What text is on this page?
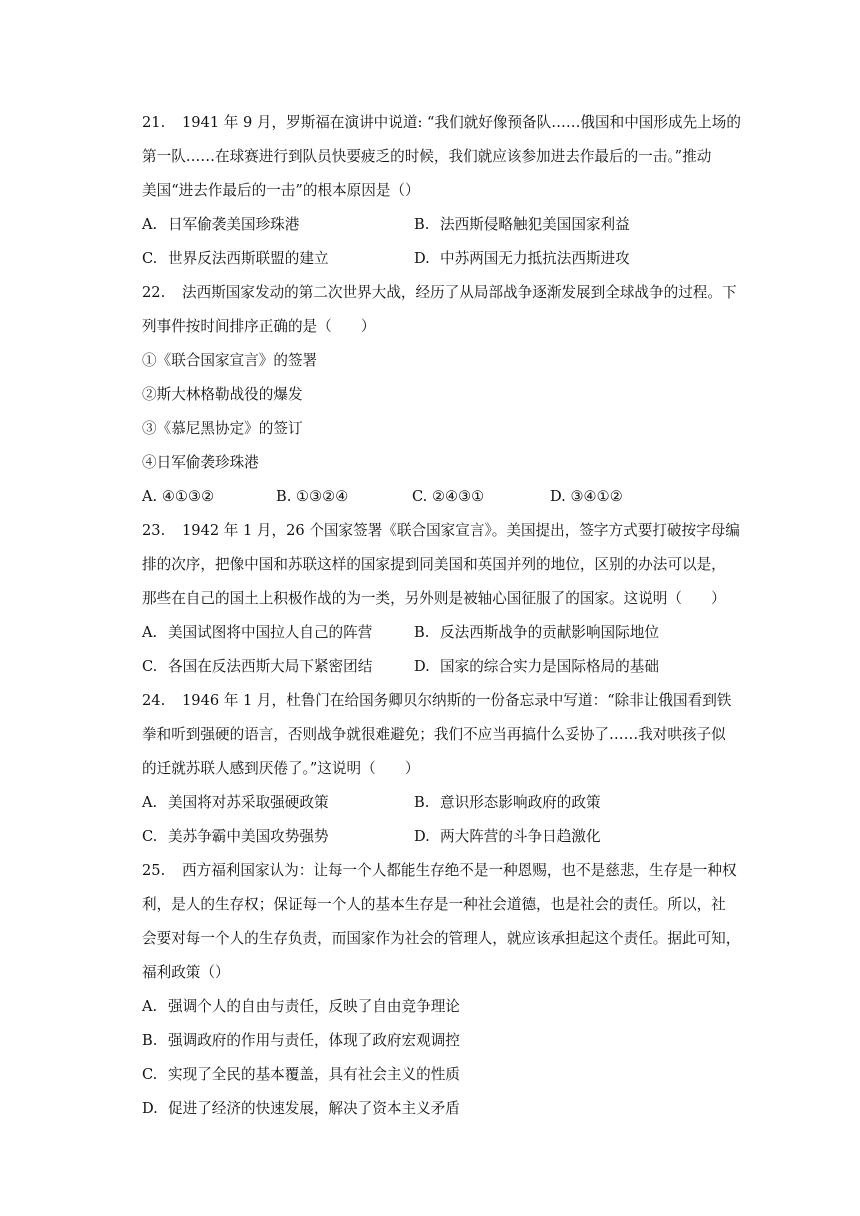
21. 1941 年 9 月，罗斯福在演讲中说道: “我们就好像预备队……俄国和中国形成先上场的
第一队……在球赛进行到队员快要疲乏的时候，我们就应该参加进去作最后的一击。”推动
美国“进去作最后的一击”的根本原因是（）
A. 日军偷袭美国珍珠港	B. 法西斯侵略触犯美国国家利益
C. 世界反法西斯联盟的建立	D. 中苏两国无力抵抗法西斯进攻
22. 法西斯国家发动的第二次世界大战，经历了从局部战争逐渐发展到全球战争的过程。下
列事件按时间排序正确的是（　　）
①《联合国家宣言》的签署
②斯大林格勒战役的爆发
③《慕尼黑协定》的签订
④日军偷袭珍珠港
A. ④①③②	B. ①③②④	C. ②④③①	D. ③④①②
23. 1942 年 1 月，26 个国家签署《联合国家宣言》。美国提出，签字方式要打破按字母编
排的次序，把像中国和苏联这样的国家提到同美国和英国并列的地位，区别的办法可以是，
那些在自己的国土上积极作战的为一类，另外则是被轴心国征服了的国家。这说明（　　）
A. 美国试图将中国拉人自己的阵营	B. 反法西斯战争的贡献影响国际地位
C. 各国在反法西斯大局下紧密团结	D. 国家的综合实力是国际格局的基础
24. 1946 年 1 月，杜鲁门在给国务卿贝尔纳斯的一份备忘录中写道：“除非让俄国看到铁
拳和听到强硬的语言，否则战争就很难避免；我们不应当再搞什么妥协了……我对哄孩子似
的迁就苏联人感到厌倦了。”这说明（　　）
A. 美国将对苏采取强硬政策	B. 意识形态影响政府的政策
C. 美苏争霸中美国攻势强势	D. 两大阵营的斗争日趋激化
25. 西方福利国家认为：让每一个人都能生存绝不是一种恩赐，也不是慈悲，生存是一种权
利，是人的生存权；保证每一个人的基本生存是一种社会道德，也是社会的责任。所以，社
会要对每一个人的生存负责，而国家作为社会的管理人，就应该承担起这个责任。据此可知，
福利政策（）
A. 强调个人的自由与责任，反映了自由竞争理论
B. 强调政府的作用与责任，体现了政府宏观调控
C. 实现了全民的基本覆盖，具有社会主义的性质
D. 促进了经济的快速发展，解决了资本主义矛盾
